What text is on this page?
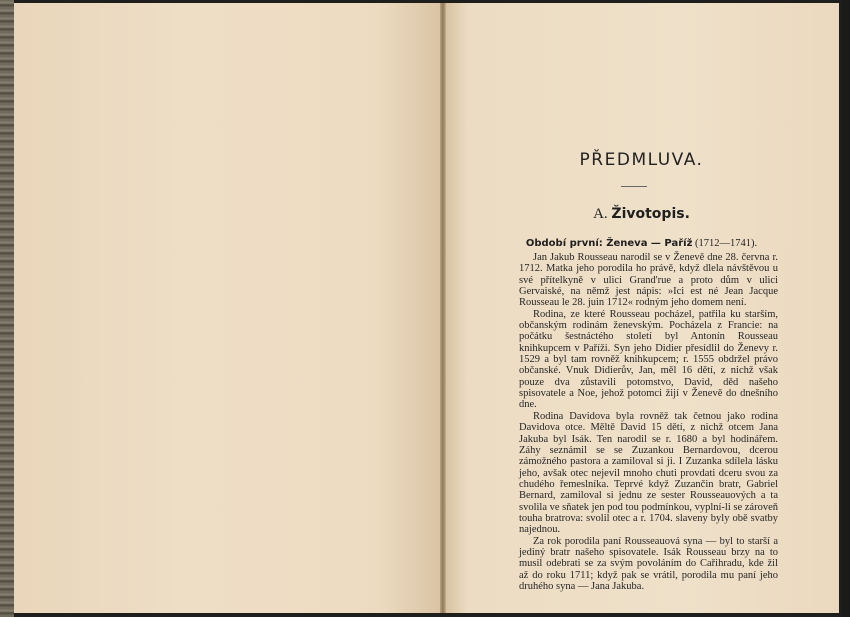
PŘEDMLUVA.
A. Životopis.
Období první: Ženeva — Paříž (1712—1741).

Jan Jakub Rousseau narodil se v Ženevě dne 28. června r. 1712. Matka jeho porodila ho právě, když dlela návštěvou u své přítelkyně v ulici Grand'rue a proto dům v ulici Gervaiské, na němž jest nápis: »Ici est né Jean Jacque Rousseau le 28. juin 1712« rodným jeho domem není.

Rodina, ze které Rousseau pocházel, patřila ku starším, občanským rodinám ženevským. Pocházela z Francie: na počátku šestnáctého století byl Antonín Rousseau knihkupcem v Paříži. Syn jeho Didier přesídlil do Ženevy r. 1529 a byl tam rovněž knihkupcem; r. 1555 obdržel právo občanské. Vnuk Didierův, Jan, měl 16 dětí, z nichž však pouze dva zůstavili potomstvo, David, děd našeho spisovatele a Noe, jehož potomci žijí v Ženevě do dnešního dne.

Rodina Davidova byla rovněž tak četnou jako rodina Davidova otce. Měltě David 15 dětí, z nichž otcem Jana Jakuba byl Isák. Ten narodil se r. 1680 a byl hodinářem. Záhy seznámil se se Zuzankou Bernardovou, dcerou zámožného pastora a zamiloval si ji. I Zuzanka sdílela lásku jeho, avšak otec nejevil mnoho chuti provdati dceru svou za chudého řemeslníka. Teprvé když Zuzančin bratr, Gabriel Bernard, zamiloval si jednu ze sester Rousseauových a ta svolila ve sňatek jen pod tou podmínkou, vyplní-li se zároveň touha bratrova: svolil otec a r. 1704. slaveny byly obě svatby najednou.

Za rok porodila paní Rousseauová syna — byl to starší a jediný bratr našeho spisovatele. Isák Rousseau brzy na to musil odebrati se za svým povoláním do Cařihradu, kde žil až do roku 1711; když pak se vrátil, porodila mu paní jeho druhého syna — Jana Jakuba.
